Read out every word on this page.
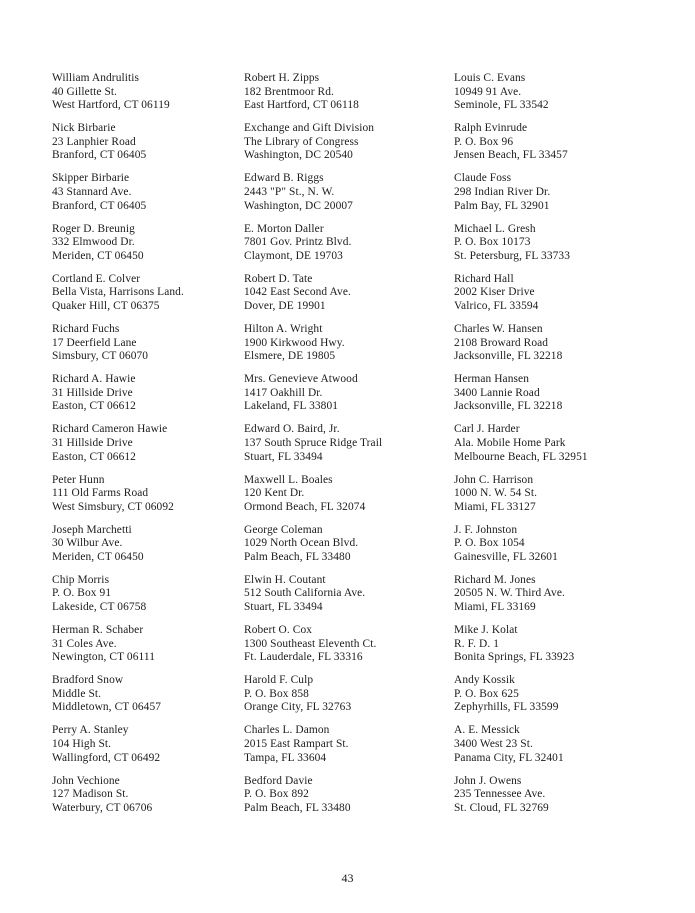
William Andrulitis
40 Gillette St.
West Hartford, CT 06119
Nick Birbarie
23 Lanphier Road
Branford, CT 06405
Skipper Birbarie
43 Stannard Ave.
Branford, CT 06405
Roger D. Breunig
332 Elmwood Dr.
Meriden, CT 06450
Cortland E. Colver
Bella Vista, Harrisons Land.
Quaker Hill, CT 06375
Richard Fuchs
17 Deerfield Lane
Simsbury, CT 06070
Richard A. Hawie
31 Hillside Drive
Easton, CT 06612
Richard Cameron Hawie
31 Hillside Drive
Easton, CT 06612
Peter Hunn
111 Old Farms Road
West Simsbury, CT 06092
Joseph Marchetti
30 Wilbur Ave.
Meriden, CT 06450
Chip Morris
P. O. Box 91
Lakeside, CT 06758
Herman R. Schaber
31 Coles Ave.
Newington, CT 06111
Bradford Snow
Middle St.
Middletown, CT 06457
Perry A. Stanley
104 High St.
Wallingford, CT 06492
John Vechione
127 Madison St.
Waterbury, CT 06706
Robert H. Zipps
182 Brentmoor Rd.
East Hartford, CT 06118
Exchange and Gift Division
The Library of Congress
Washington, DC 20540
Edward B. Riggs
2443 "P" St., N. W.
Washington, DC 20007
E. Morton Daller
7801 Gov. Printz Blvd.
Claymont, DE 19703
Robert D. Tate
1042 East Second Ave.
Dover, DE 19901
Hilton A. Wright
1900 Kirkwood Hwy.
Elsmere, DE 19805
Mrs. Genevieve Atwood
1417 Oakhill Dr.
Lakeland, FL 33801
Edward O. Baird, Jr.
137 South Spruce Ridge Trail
Stuart, FL 33494
Maxwell L. Boales
120 Kent Dr.
Ormond Beach, FL 32074
George Coleman
1029 North Ocean Blvd.
Palm Beach, FL 33480
Elwin H. Coutant
512 South California Ave.
Stuart, FL 33494
Robert O. Cox
1300 Southeast Eleventh Ct.
Ft. Lauderdale, FL 33316
Harold F. Culp
P. O. Box 858
Orange City, FL 32763
Charles L. Damon
2015 East Rampart St.
Tampa, FL 33604
Bedford Davie
P. O. Box 892
Palm Beach, FL 33480
Louis C. Evans
10949 91 Ave.
Seminole, FL 33542
Ralph Evinrude
P. O. Box 96
Jensen Beach, FL 33457
Claude Foss
298 Indian River Dr.
Palm Bay, FL 32901
Michael L. Gresh
P. O. Box 10173
St. Petersburg, FL 33733
Richard Hall
2002 Kiser Drive
Valrico, FL 33594
Charles W. Hansen
2108 Broward Road
Jacksonville, FL 32218
Herman Hansen
3400 Lannie Road
Jacksonville, FL 32218
Carl J. Harder
Ala. Mobile Home Park
Melbourne Beach, FL 32951
John C. Harrison
1000 N. W. 54 St.
Miami, FL 33127
J. F. Johnston
P. O. Box 1054
Gainesville, FL 32601
Richard M. Jones
20505 N. W. Third Ave.
Miami, FL 33169
Mike J. Kolat
R. F. D. 1
Bonita Springs, FL 33923
Andy Kossik
P. O. Box 625
Zephyrhills, FL 33599
A. E. Messick
3400 West 23 St.
Panama City, FL 32401
John J. Owens
235 Tennessee Ave.
St. Cloud, FL 32769
43
